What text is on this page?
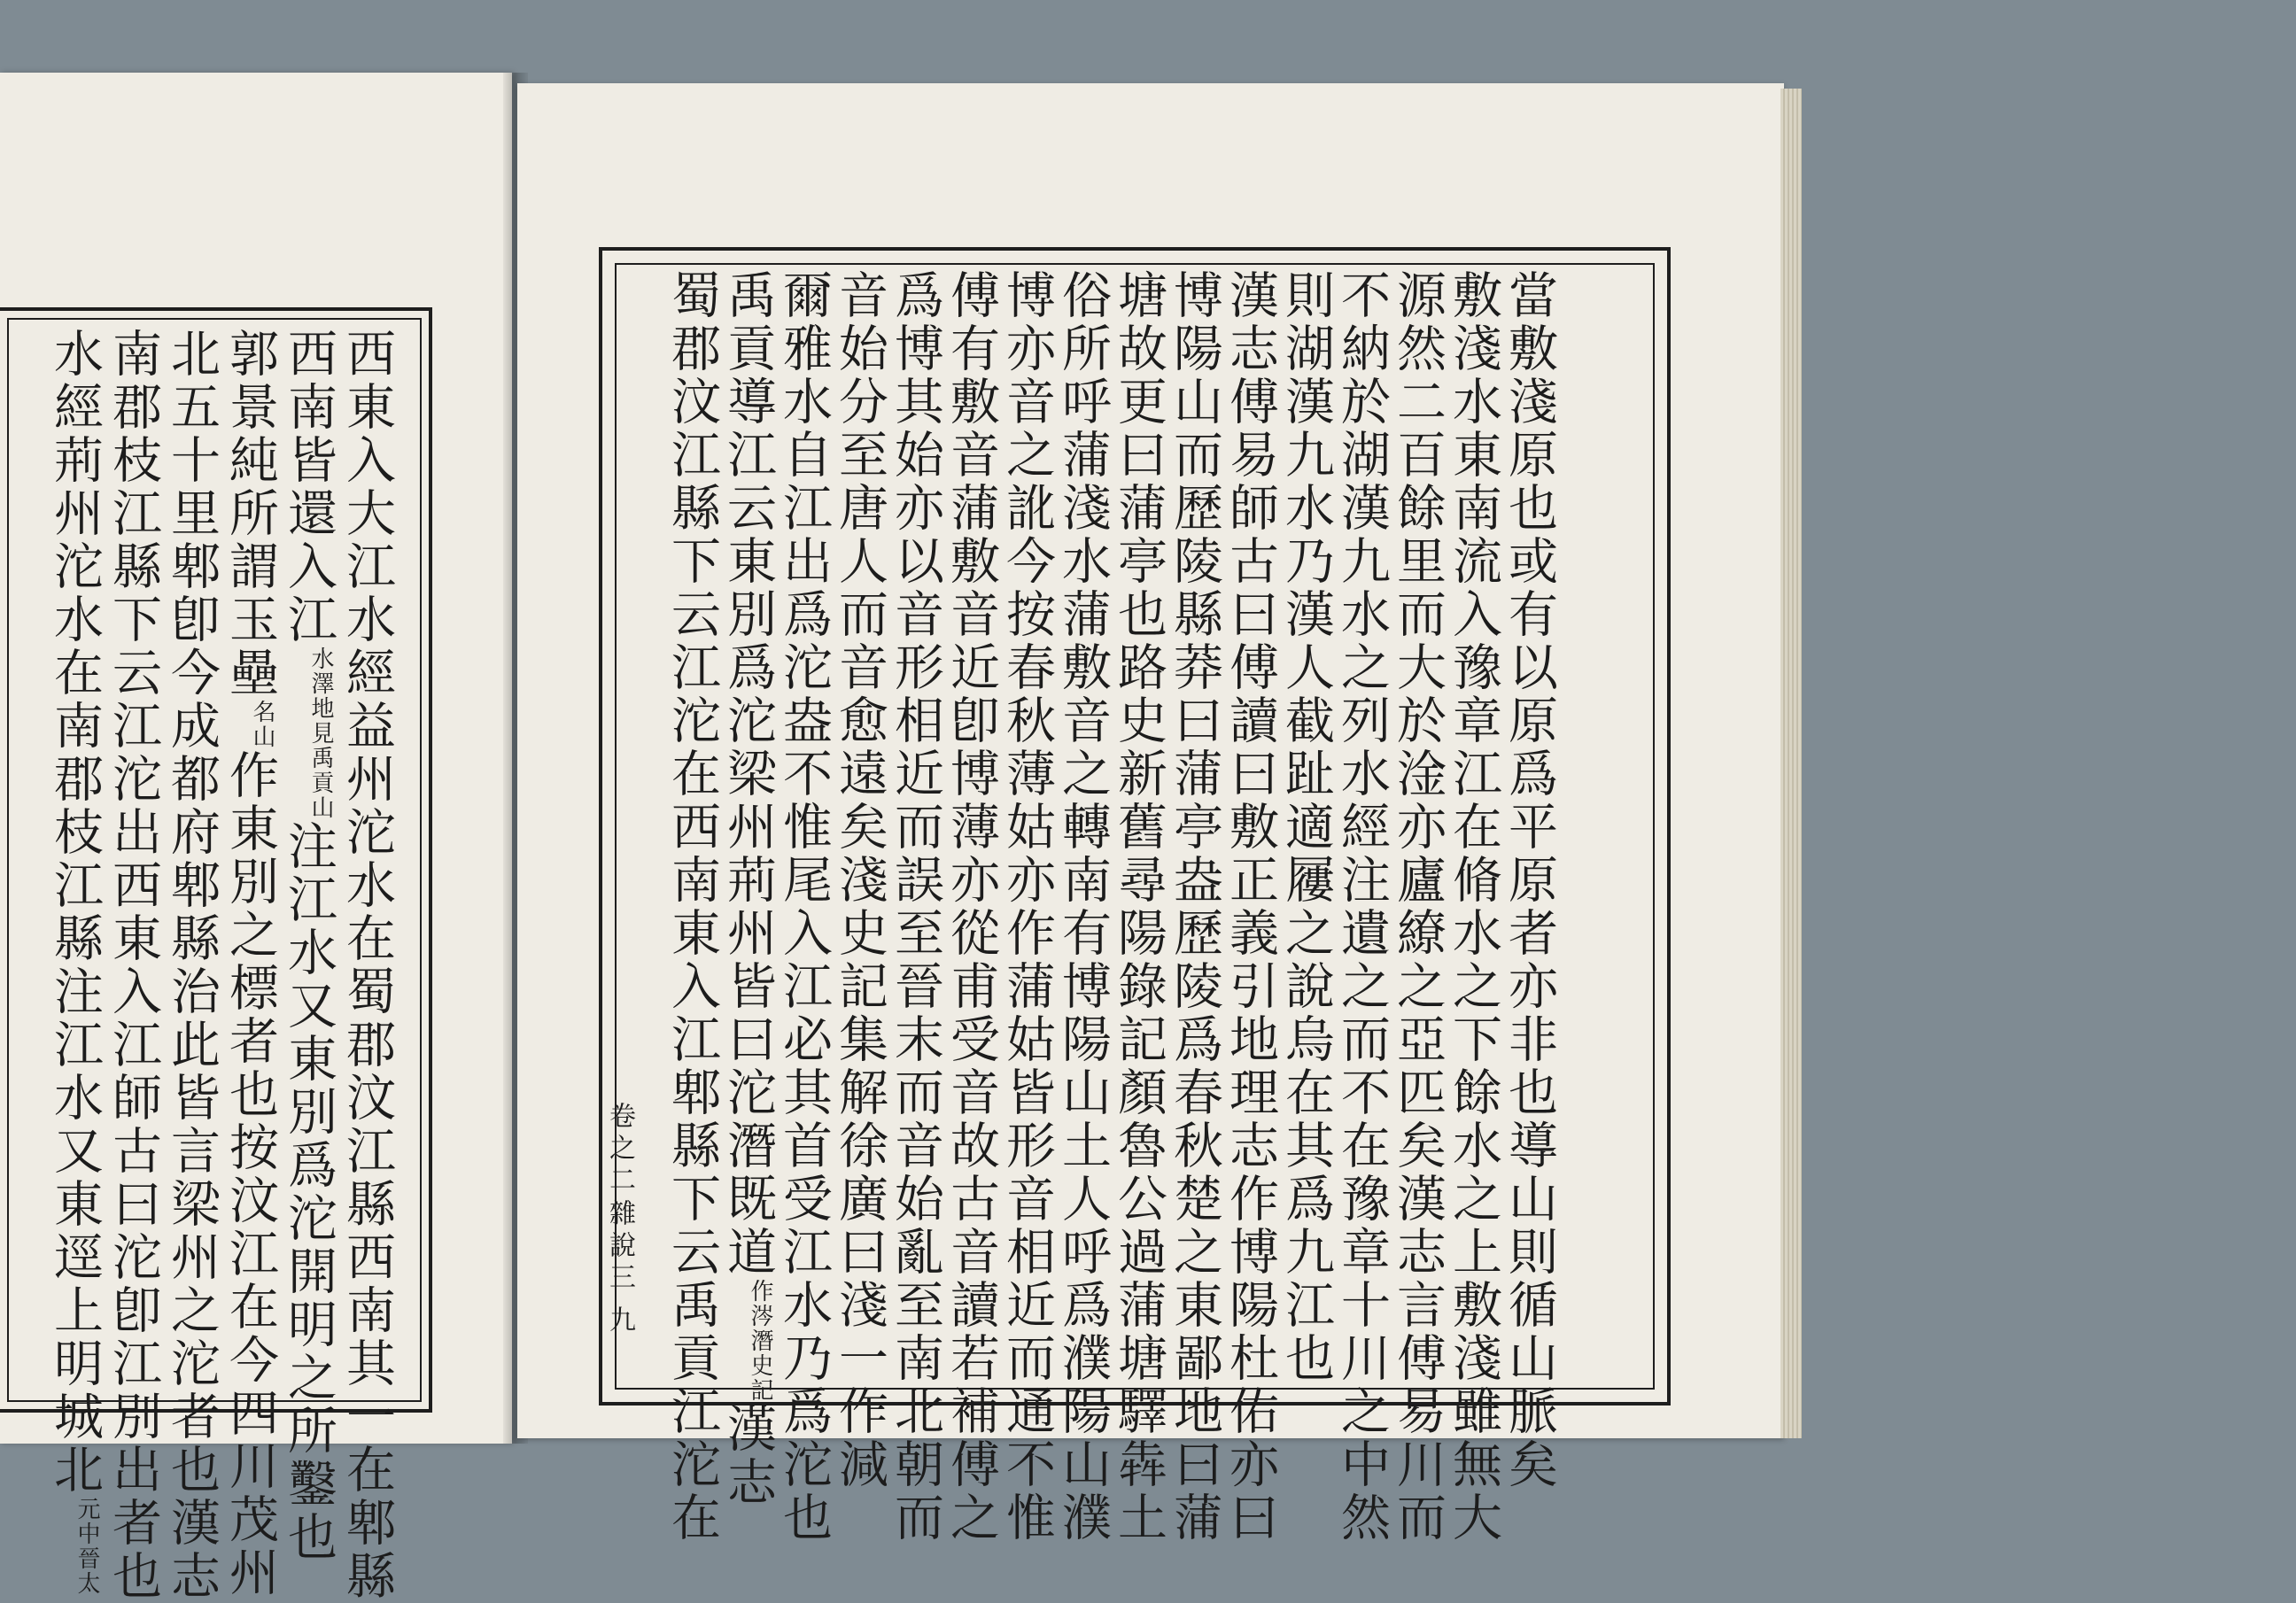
西東入大江水經益州沱水在蜀郡汶江縣西南其一在郫縣
西南皆還入江
見禹貢山
水澤地
注江水又東別爲沱開明之所鑿也
郭景純所謂玉壘
山
名
作東別之標者也按汶江在今四川茂州
北五十里郫卽今成都府郫縣治此皆言梁州之沱者也漢志
南郡枝江縣下云江沱出西東入江師古曰沱卽江別出者也
水經荊州沱水在南郡枝江縣注江水又東逕上明城北
晉太
元中
當敷淺原也或有以原爲平原者亦非也導山則循山脈矣
敷淺水東南流入豫章江在脩水之下餘水之上敷淺雖無大
源然二百餘里而大於淦亦廬繚之亞匹矣漢志言傅易川而
不納於湖漢九水之列水經注遺之而不在豫章十川之中然
則湖漢九水乃漢人截趾適屨之說烏在其爲九江也
漢志傅易師古曰傅讀曰敷正義引地理志作博陽杜佑亦曰
博陽山而歷陵縣莽曰蒲亭盎歷陵爲春秋楚之東鄙地曰蒲
塘故更曰蒲亭也路史新舊尋陽錄記顏魯公過蒲塘驛犇土
俗所呼蒲淺水蒲敷音之轉南有博陽山土人呼爲濮陽山濮
博亦音之訛今按春秋薄姑亦作蒲姑皆形音相近而通不惟
傅有敷音蒲敷音近卽博薄亦從甫受音故古音讀若補傅之
爲博其始亦以音形相近而誤至晉末而音始亂至南北朝而
音始分至唐人而音愈遠矣淺史記集解徐廣曰淺一作減
爾雅水自江出爲沱盎不惟尾入江必其首受江水乃爲沱也
禹貢導江云東別爲沱梁州荊州皆曰沱潛既道
潛史記
作涔
漢志
蜀郡汶江縣下云江沱在西南東入江郫縣下云禹貢江沱在
卷之二
雜說三
九
